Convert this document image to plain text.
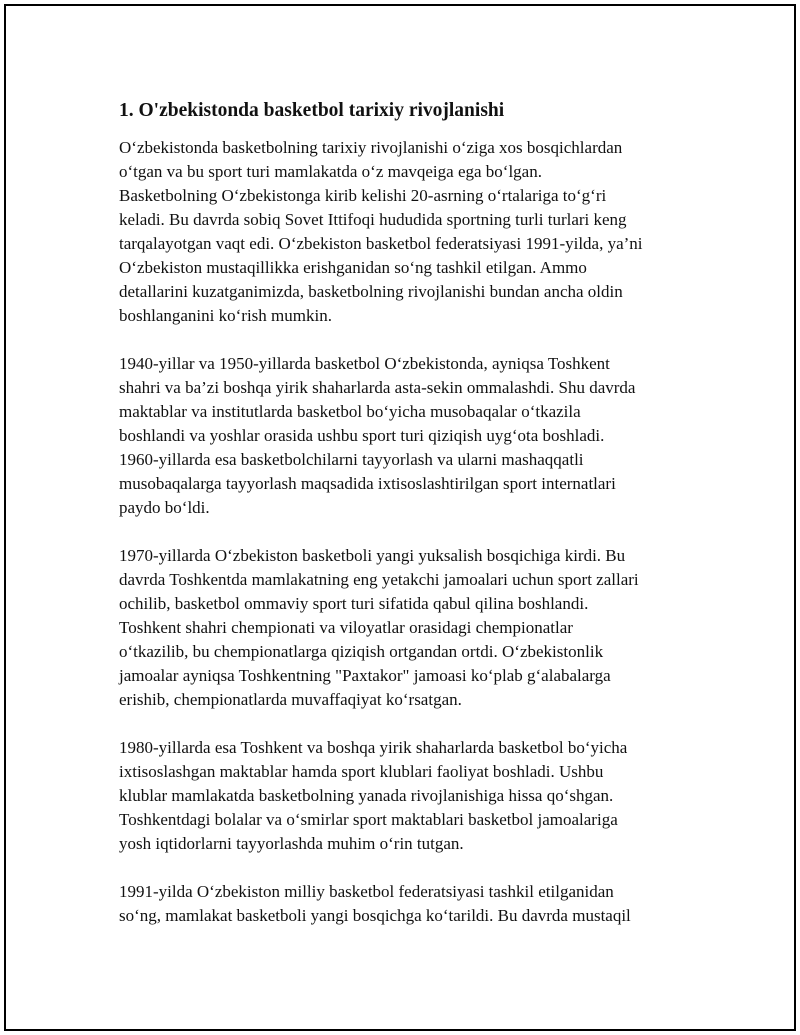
1. O'zbekistonda basketbol tarixiy rivojlanishi
O‘zbekistonda basketbolning tarixiy rivojlanishi o‘ziga xos bosqichlardan
o‘tgan va bu sport turi mamlakatda o‘z mavqeiga ega bo‘lgan.
Basketbolning O‘zbekistonga kirib kelishi 20-asrning o‘rtalariga to‘g‘ri
keladi. Bu davrda sobiq Sovet Ittifoqi hududida sportning turli turlari keng
tarqalayotgan vaqt edi. O‘zbekiston basketbol federatsiyasi 1991-yilda, ya’ni
O‘zbekiston mustaqillikka erishganidan so‘ng tashkil etilgan. Ammo
detallarini kuzatganimizda, basketbolning rivojlanishi bundan ancha oldin
boshlanganini ko‘rish mumkin.
1940-yillar va 1950-yillarda basketbol O‘zbekistonda, ayniqsa Toshkent
shahri va ba’zi boshqa yirik shaharlarda asta-sekin ommalashdi. Shu davrda
maktablar va institutlarda basketbol bo‘yicha musobaqalar o‘tkazila
boshlandi va yoshlar orasida ushbu sport turi qiziqish uyg‘ota boshladi.
1960-yillarda esa basketbolchilarni tayyorlash va ularni mashaqqatli
musobaqalarga tayyorlash maqsadida ixtisoslashtirilgan sport internatlari
paydo bo‘ldi.
1970-yillarda O‘zbekiston basketboli yangi yuksalish bosqichiga kirdi. Bu
davrda Toshkentda mamlakatning eng yetakchi jamoalari uchun sport zallari
ochilib, basketbol ommaviy sport turi sifatida qabul qilina boshlandi.
Toshkent shahri chempionati va viloyatlar orasidagi chempionatlar
o‘tkazilib, bu chempionatlarga qiziqish ortgandan ortdi. O‘zbekistonlik
jamoalar ayniqsa Toshkentning "Paxtakor" jamoasi ko‘plab g‘alabalarga
erishib, chempionatlarda muvaffaqiyat ko‘rsatgan.
1980-yillarda esa Toshkent va boshqa yirik shaharlarda basketbol bo‘yicha
ixtisoslashgan maktablar hamda sport klublari faoliyat boshladi. Ushbu
klublar mamlakatda basketbolning yanada rivojlanishiga hissa qo‘shgan.
Toshkentdagi bolalar va o‘smirlar sport maktablari basketbol jamoalariga
yosh iqtidorlarni tayyorlashda muhim o‘rin tutgan.
1991-yilda O‘zbekiston milliy basketbol federatsiyasi tashkil etilganidan
so‘ng, mamlakat basketboli yangi bosqichga ko‘tarildi. Bu davrda mustaqil
